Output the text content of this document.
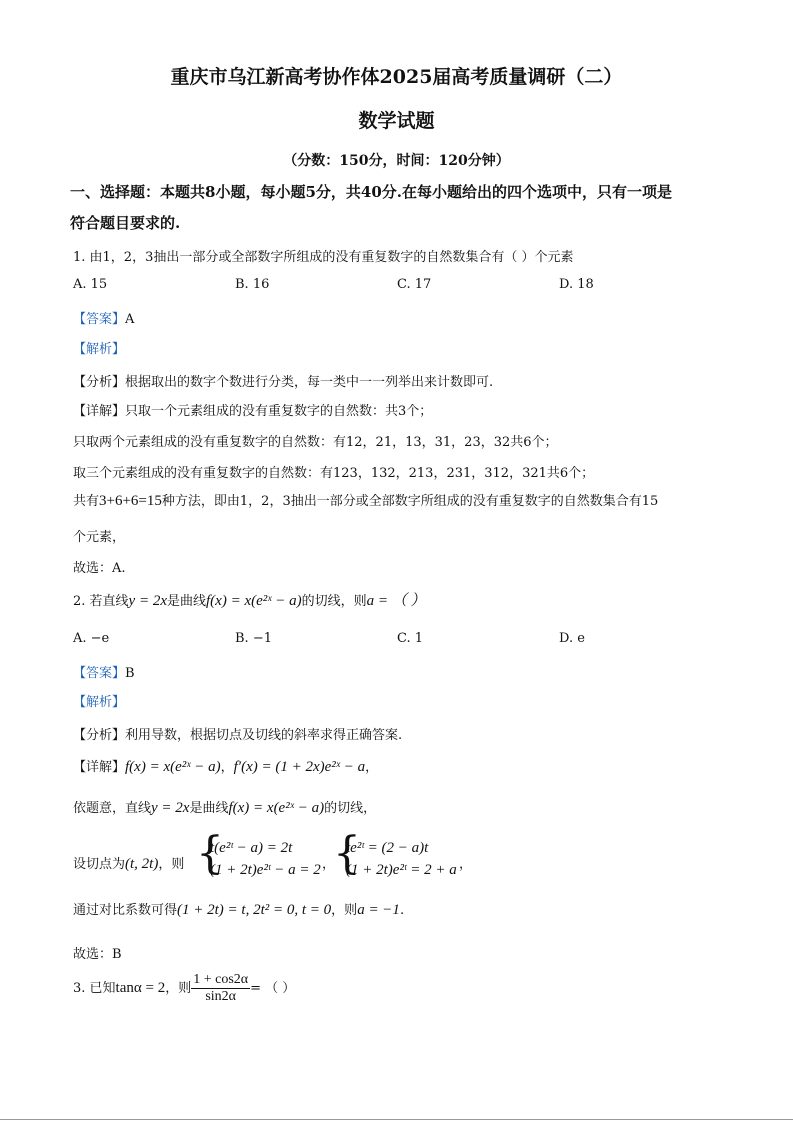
重庆市乌江新高考协作体2025届高考质量调研（二）
数学试题
（分数：150分，时间：120分钟）
一、选择题：本题共8小题，每小题5分，共40分.在每小题给出的四个选项中，只有一项是
符合题目要求的.
1. 由1，2，3抽出一部分或全部数字所组成的没有重复数字的自然数集合有（ ）个元素
A. 15	B. 16	C. 17	D. 18
【答案】A
【解析】
【分析】根据取出的数字个数进行分类，每一类中一一列举出来计数即可.
【详解】只取一个元素组成的没有重复数字的自然数：共3个；
只取两个元素组成的没有重复数字的自然数：有12，21，13，31，23，32共6个；
取三个元素组成的没有重复数字的自然数：有123，132，213，231，312，321共6个；
共有3+6+6=15种方法，即由1，2，3抽出一部分或全部数字所组成的没有重复数字的自然数集合有15
个元素，
故选：A.
2. 若直线y = 2x是曲线f(x) = x(e²ˣ − a)的切线，则a = （ ）
A. −e	B. −1	C. 1	D. e
【答案】B
【解析】
【分析】利用导数，根据切点及切线的斜率求得正确答案.
【详解】f(x) = x(e²ˣ − a)，f′(x) = (1 + 2x)e²ˣ − a，
依题意，直线y = 2x是曲线f(x) = x(e²ˣ − a)的切线，
设切点为(t, 2t)，则 {
t(e²ᵗ − a) = 2t
(1 + 2t)e²ᵗ − a = 2 ，
{
te²ᵗ = (2 − a)t
(1 + 2t)e²ᵗ = 2 + a ，
通过对比系数可得(1 + 2t) = t, 2t² = 0, t = 0，则a = −1.
故选：B
3. 已知tanα = 2，则 $\frac{1 + \cos 2\alpha}{\sin 2\alpha}$ = （ ）
